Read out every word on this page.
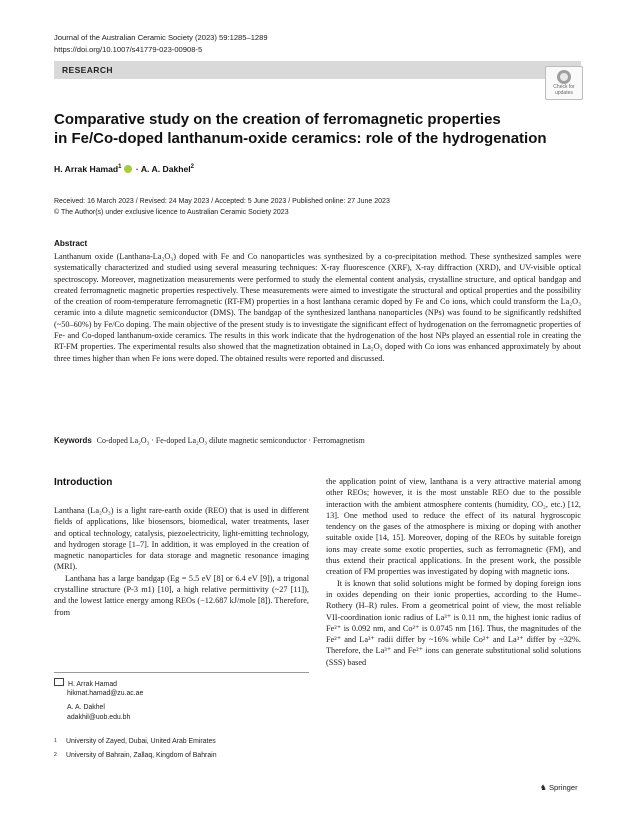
Journal of the Australian Ceramic Society (2023) 59:1285–1289
https://doi.org/10.1007/s41779-023-00908-5
RESEARCH
Check for
updates
Comparative study on the creation of ferromagnetic properties
in Fe/Co-doped lanthanum-oxide ceramics: role of the hydrogenation
H. Arrak Hamad$^1$ · A. A. Dakhel$^2$
Received: 16 March 2023 / Revised: 24 May 2023 / Accepted: 5 June 2023 / Published online: 27 June 2023
© The Author(s) under exclusive licence to Australian Ceramic Society 2023
Abstract
Lanthanum oxide (Lanthana-La₂O₃) doped with Fe and Co nanoparticles was synthesized by a co-precipitation method. These synthesized samples were systematically characterized and studied using several measuring techniques: X-ray fluorescence (XRF), X-ray diffraction (XRD), and UV-visible optical spectroscopy. Moreover, magnetization measurements were performed to study the elemental content analysis, crystalline structure, and optical bandgap and created ferromagnetic magnetic properties respectively. These measurements were aimed to investigate the structural and optical properties and the possibility of the creation of room-temperature ferromagnetic (RT-FM) properties in a host lanthana ceramic doped by Fe and Co ions, which could transform the La₂O₃ ceramic into a dilute magnetic semiconductor (DMS). The bandgap of the synthesized lanthana nanoparticles (NPs) was found to be significantly redshifted (~50–60%) by Fe/Co doping. The main objective of the present study is to investigate the significant effect of hydrogenation on the ferromagnetic properties of Fe- and Co-doped lanthanum-oxide ceramics. The results in this work indicate that the hydrogenation of the host NPs played an essential role in creating the RT-FM properties. The experimental results also showed that the magnetization obtained in La₂O₃ doped with Co ions was enhanced approximately by about three times higher than when Fe ions were doped. The obtained results were reported and discussed.
Keywords Co-doped La₂O₃ · Fe-doped La₂O₃ dilute magnetic semiconductor · Ferromagnetism
Introduction

Lanthana (La₂O₃) is a light rare-earth oxide (REO) that is used in different fields of applications, like biosensors, biomedical, water treatments, laser and optical technology, catalysis, piezoelectricity, light-emitting technology, and hydrogen storage [1–7]. In addition, it was employed in the creation of magnetic nanoparticles for data storage and magnetic resonance imaging (MRI).

Lanthana has a large bandgap (Eg = 5.5 eV [8] or 6.4 eV [9]), a trigonal crystalline structure (P-3 m1) [10], a high relative permittivity (~27 [11]), and the lowest lattice energy among REOs (−12.687 kJ/mole [8]). Therefore, from

the application point of view, lanthana is a very attractive material among other REOs; however, it is the most unstable REO due to the possible interaction with the ambient atmosphere contents (humidity, CO₂, etc.) [12, 13]. One method used to reduce the effect of its natural hygroscopic tendency on the gases of the atmosphere is mixing or doping with another suitable oxide [14, 15]. Moreover, doping of the REOs by suitable foreign ions may create some exotic properties, such as ferromagnetic (FM), and thus extend their practical applications. In the present work, the possible creation of FM properties was investigated by doping with magnetic ions.

It is known that solid solutions might be formed by doping foreign ions in oxides depending on their ionic properties, according to the Hume–Rothery (H–R) rules. From a geometrical point of view, the most reliable VII-coordination ionic radius of La³⁺ is 0.11 nm, the highest ionic radius of Fe²⁺ is 0.092 nm, and Co²⁺ is 0.0745 nm [16]. Thus, the magnitudes of the Fe²⁺ and La³⁺ radii differ by ~16% while Co²⁺ and La³⁺ differ by ~32%. Therefore, the La³⁺ and Fe²⁺ ions can generate substitutional solid solutions (SSS) based

H. Arrak Hamad
hikmat.hamad@zu.ac.ae
A. A. Dakhel
adakhil@uob.edu.bh
$^1$ University of Zayed, Dubai, United Arab Emirates
$^2$ University of Bahrain, Zallaq, Kingdom of Bahrain
♞ Springer
